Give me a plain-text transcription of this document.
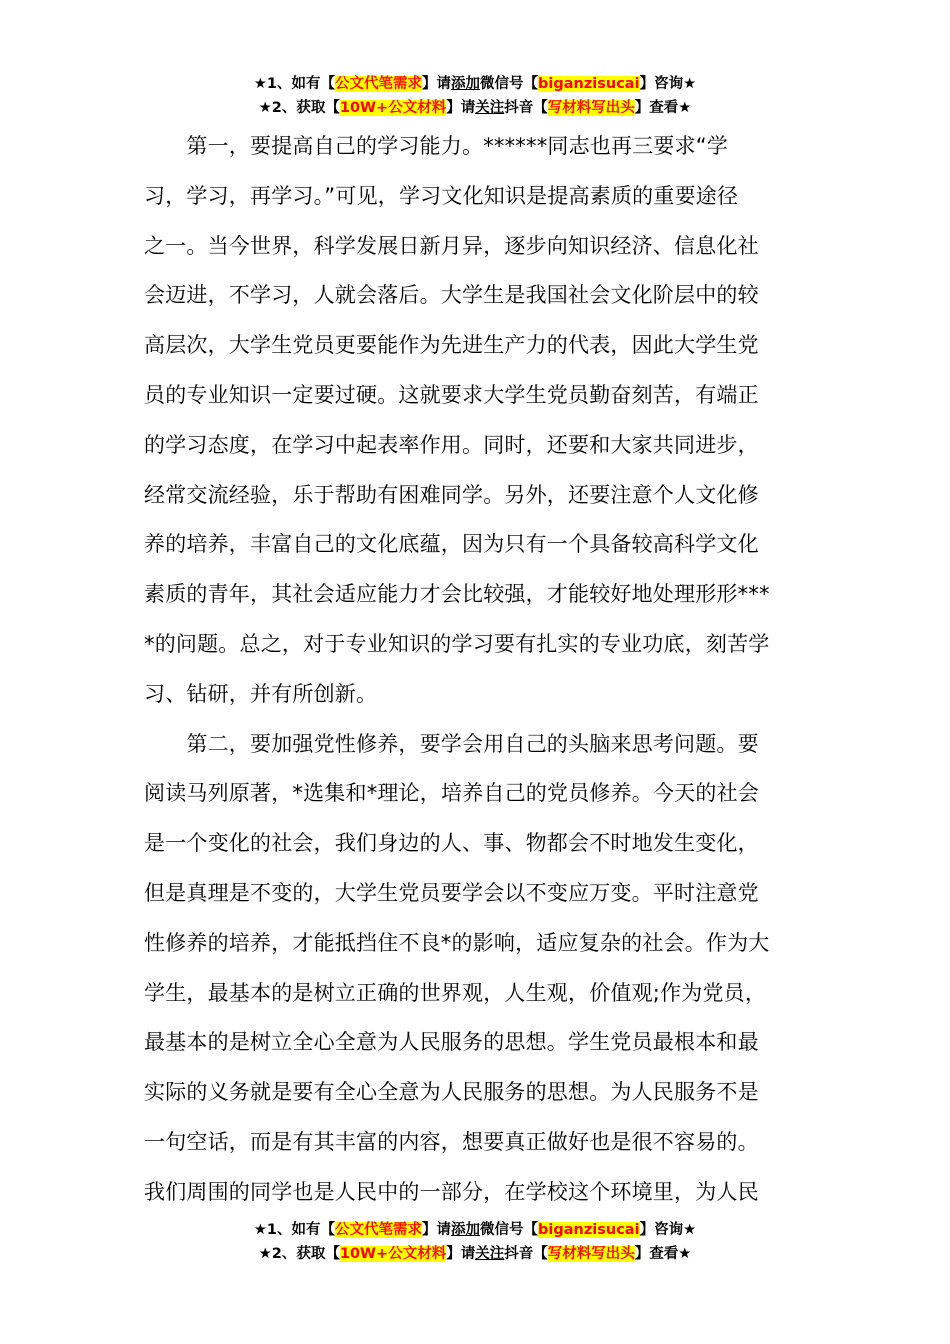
★1、如有【公文代笔需求】请添加微信号【biganzisucai】咨询★
★2、获取【10W+公文材料】请关注抖音【写材料写出头】查看★
　　第一，要提高自己的学习能力。******同志也再三要求“学
习，学习，再学习。”可见，学习文化知识是提高素质的重要途径
之一。当今世界，科学发展日新月异，逐步向知识经济、信息化社
会迈进，不学习，人就会落后。大学生是我国社会文化阶层中的较
高层次，大学生党员更要能作为先进生产力的代表，因此大学生党
员的专业知识一定要过硬。这就要求大学生党员勤奋刻苦，有端正
的学习态度，在学习中起表率作用。同时，还要和大家共同进步，
经常交流经验，乐于帮助有困难同学。另外，还要注意个人文化修
养的培养，丰富自己的文化底蕴，因为只有一个具备较高科学文化
素质的青年，其社会适应能力才会比较强，才能较好地处理形形***
*的问题。总之，对于专业知识的学习要有扎实的专业功底，刻苦学
习、钻研，并有所创新。
　　第二，要加强党性修养，要学会用自己的头脑来思考问题。要
阅读马列原著，*选集和*理论，培养自己的党员修养。今天的社会
是一个变化的社会，我们身边的人、事、物都会不时地发生变化，
但是真理是不变的，大学生党员要学会以不变应万变。平时注意党
性修养的培养，才能抵挡住不良*的影响，适应复杂的社会。作为大
学生，最基本的是树立正确的世界观，人生观，价值观;作为党员，
最基本的是树立全心全意为人民服务的思想。学生党员最根本和最
实际的义务就是要有全心全意为人民服务的思想。为人民服务不是
一句空话，而是有其丰富的内容，想要真正做好也是很不容易的。
我们周围的同学也是人民中的一部分，在学校这个环境里，为人民
★1、如有【公文代笔需求】请添加微信号【biganzisucai】咨询★
★2、获取【10W+公文材料】请关注抖音【写材料写出头】查看★
